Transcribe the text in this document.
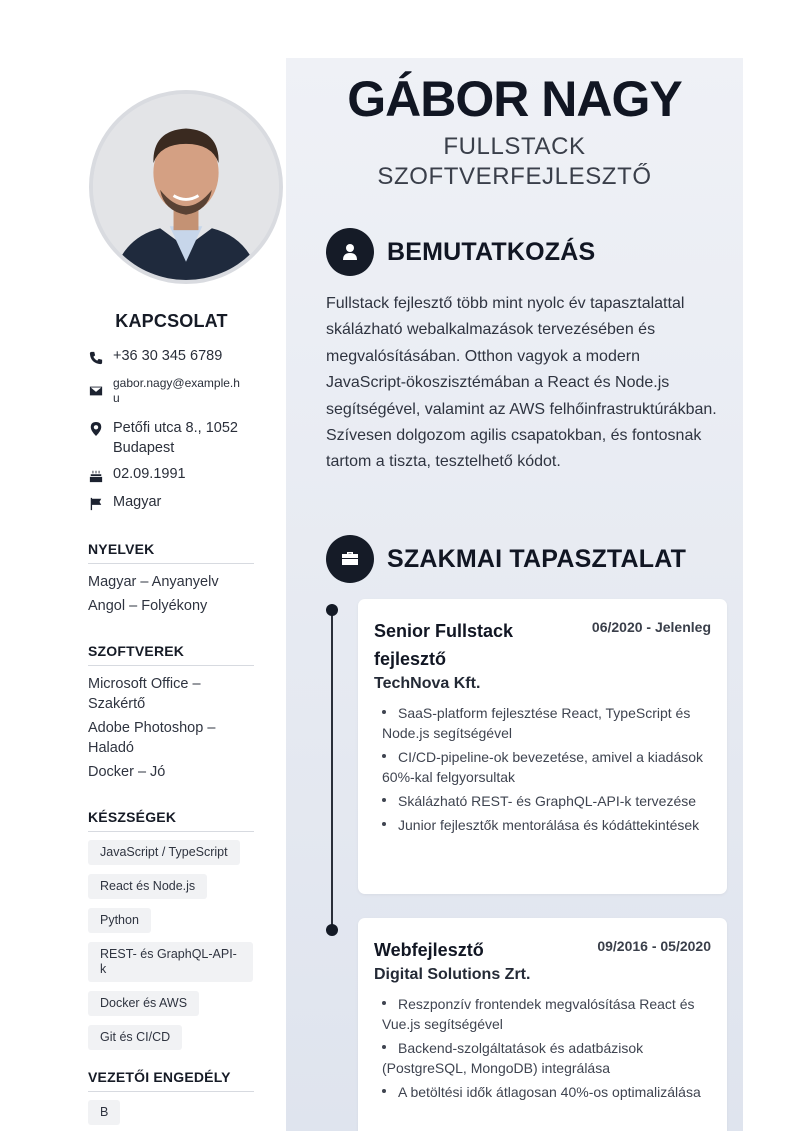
KAPCSOLAT
+36 30 345 6789
gabor.nagy@example.h
u
Petőfi utca 8., 1052
Budapest
02.09.1991
Magyar
NYELVEK
Magyar – Anyanyelv
Angol – Folyékony
SZOFTVEREK
Microsoft Office – Szakértő
Adobe Photoshop – Haladó
Docker – Jó
KÉSZSÉGEK
JavaScript / TypeScript
React és Node.js
Python
REST- és GraphQL-API-k
Docker és AWS
Git és CI/CD
VEZETŐI ENGEDÉLY
B
GÁBOR NAGY
FULLSTACK
SZOFTVERFEJLESZTŐ
BEMUTATKOZÁS
Fullstack fejlesztő több mint nyolc év tapasztalattal skálázható webalkalmazások tervezésében és megvalósításában. Otthon vagyok a modern JavaScript-ökoszisztémában a React és Node.js segítségével, valamint az AWS felhőinfrastruktúrákban. Szívesen dolgozom agilis csapatokban, és fontosnak tartom a tiszta, tesztelhető kódot.
SZAKMAI TAPASZTALAT
Senior Fullstack fejlesztő
06/2020 - Jelenleg
TechNova Kft.
SaaS-platform fejlesztése React, TypeScript és Node.js segítségével
CI/CD-pipeline-ok bevezetése, amivel a kiadások 60%-kal felgyorsultak
Skálázható REST- és GraphQL-API-k tervezése
Junior fejlesztők mentorálása és kódáttekintések
Webfejlesztő	09/2016 - 05/2020
Digital Solutions Zrt.
Reszponzív frontendek megvalósítása React és Vue.js segítségével
Backend-szolgáltatások és adatbázisok (PostgreSQL, MongoDB) integrálása
A betöltési idők átlagosan 40%-os optimalizálása
